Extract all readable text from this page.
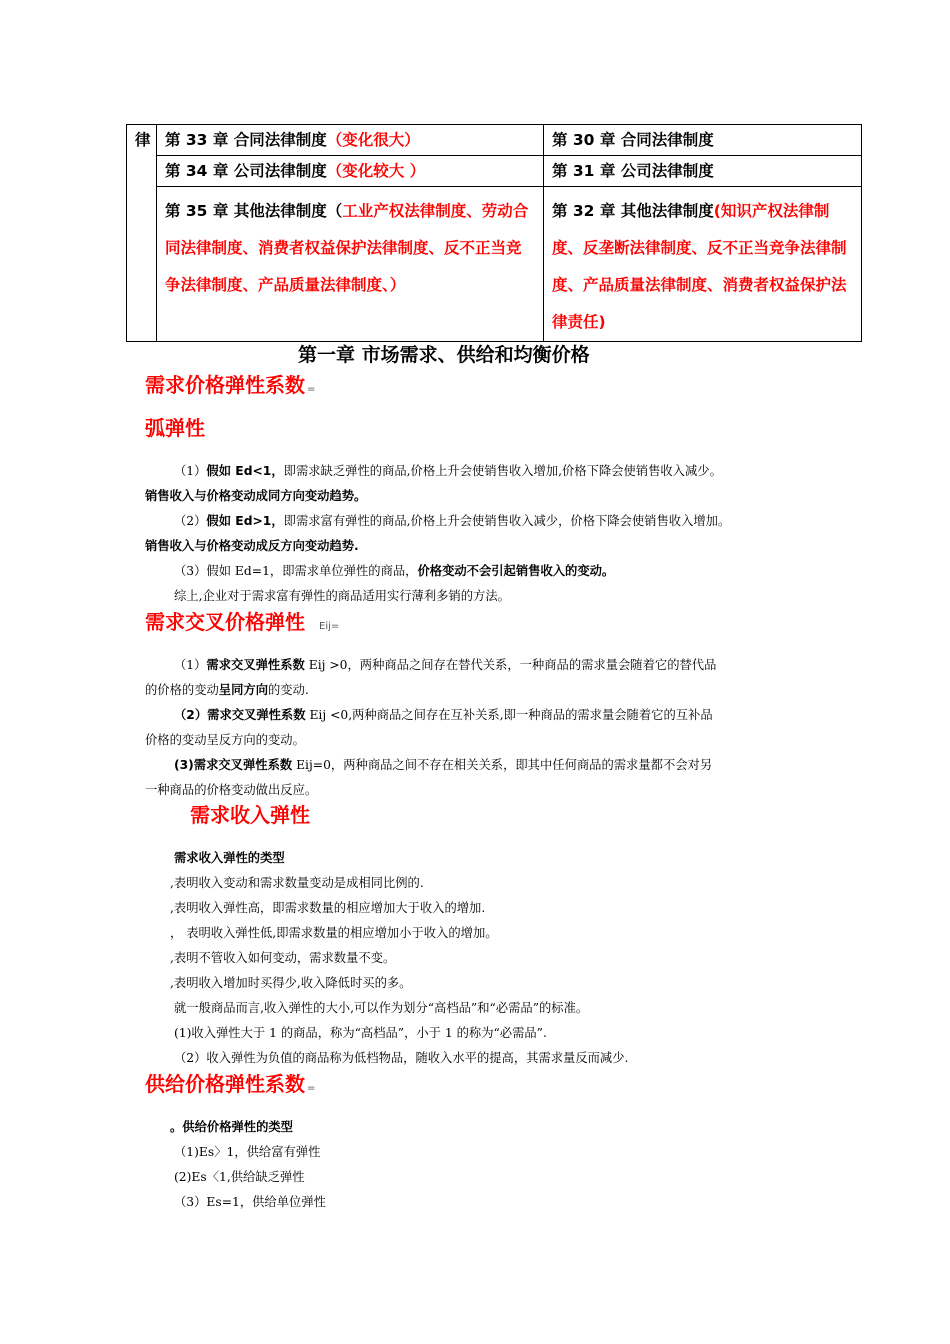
律	第 33 章 合同法律制度（变化很大）	第 30 章 合同法律制度
	第 34 章 公司法律制度（变化较大 ）	第 31 章 公司法律制度
	第 35 章 其他法律制度（工业产权法律制度、劳动合同法律制度、消费者权益保护法律制度、反不正当竞争法律制度、产品质量法律制度、）	第 32 章 其他法律制度(知识产权法律制度、反垄断法律制度、反不正当竞争法律制度、产品质量法律制度、消费者权益保护法律责任)
第一章 市场需求、供给和均衡价格
需求价格弹性系数 =
弧弹性
（1）假如 Ed<1，即需求缺乏弹性的商品,价格上升会使销售收入增加,价格下降会使销售收入减少。
销售收入与价格变动成同方向变动趋势。
（2）假如 Ed>1，即需求富有弹性的商品,价格上升会使销售收入减少，价格下降会使销售收入增加。
销售收入与价格变动成反方向变动趋势.
（3）假如 Ed=1，即需求单位弹性的商品，价格变动不会引起销售收入的变动。
综上,企业对于需求富有弹性的商品适用实行薄利多销的方法。
需求交叉价格弹性 Eij=
（1）需求交叉弹性系数 Eij >0，两种商品之间存在替代关系，一种商品的需求量会随着它的替代品
的价格的变动呈同方向的变动.
（2）需求交叉弹性系数 Eij <0,两种商品之间存在互补关系,即一种商品的需求量会随着它的互补品
价格的变动呈反方向的变动。
(3)需求交叉弹性系数 Eij=0，两种商品之间不存在相关关系，即其中任何商品的需求量都不会对另
一种商品的价格变动做出反应。
需求收入弹性
需求收入弹性的类型
,表明收入变动和需求数量变动是成相同比例的.
,表明收入弹性高，即需求数量的相应增加大于收入的增加.
， 表明收入弹性低,即需求数量的相应增加小于收入的增加。
,表明不管收入如何变动，需求数量不变。
,表明收入增加时买得少,收入降低时买的多。
就一般商品而言,收入弹性的大小,可以作为划分“高档品”和“必需品”的标准。
(1)收入弹性大于 1 的商品，称为“高档品”，小于 1 的称为“必需品”.
（2）收入弹性为负值的商品称为低档物品，随收入水平的提高，其需求量反而减少.
供给价格弹性系数 =
。供给价格弹性的类型
（1)Es〉1，供给富有弹性
(2)Es〈1,供给缺乏弹性
（3）Es=1，供给单位弹性
